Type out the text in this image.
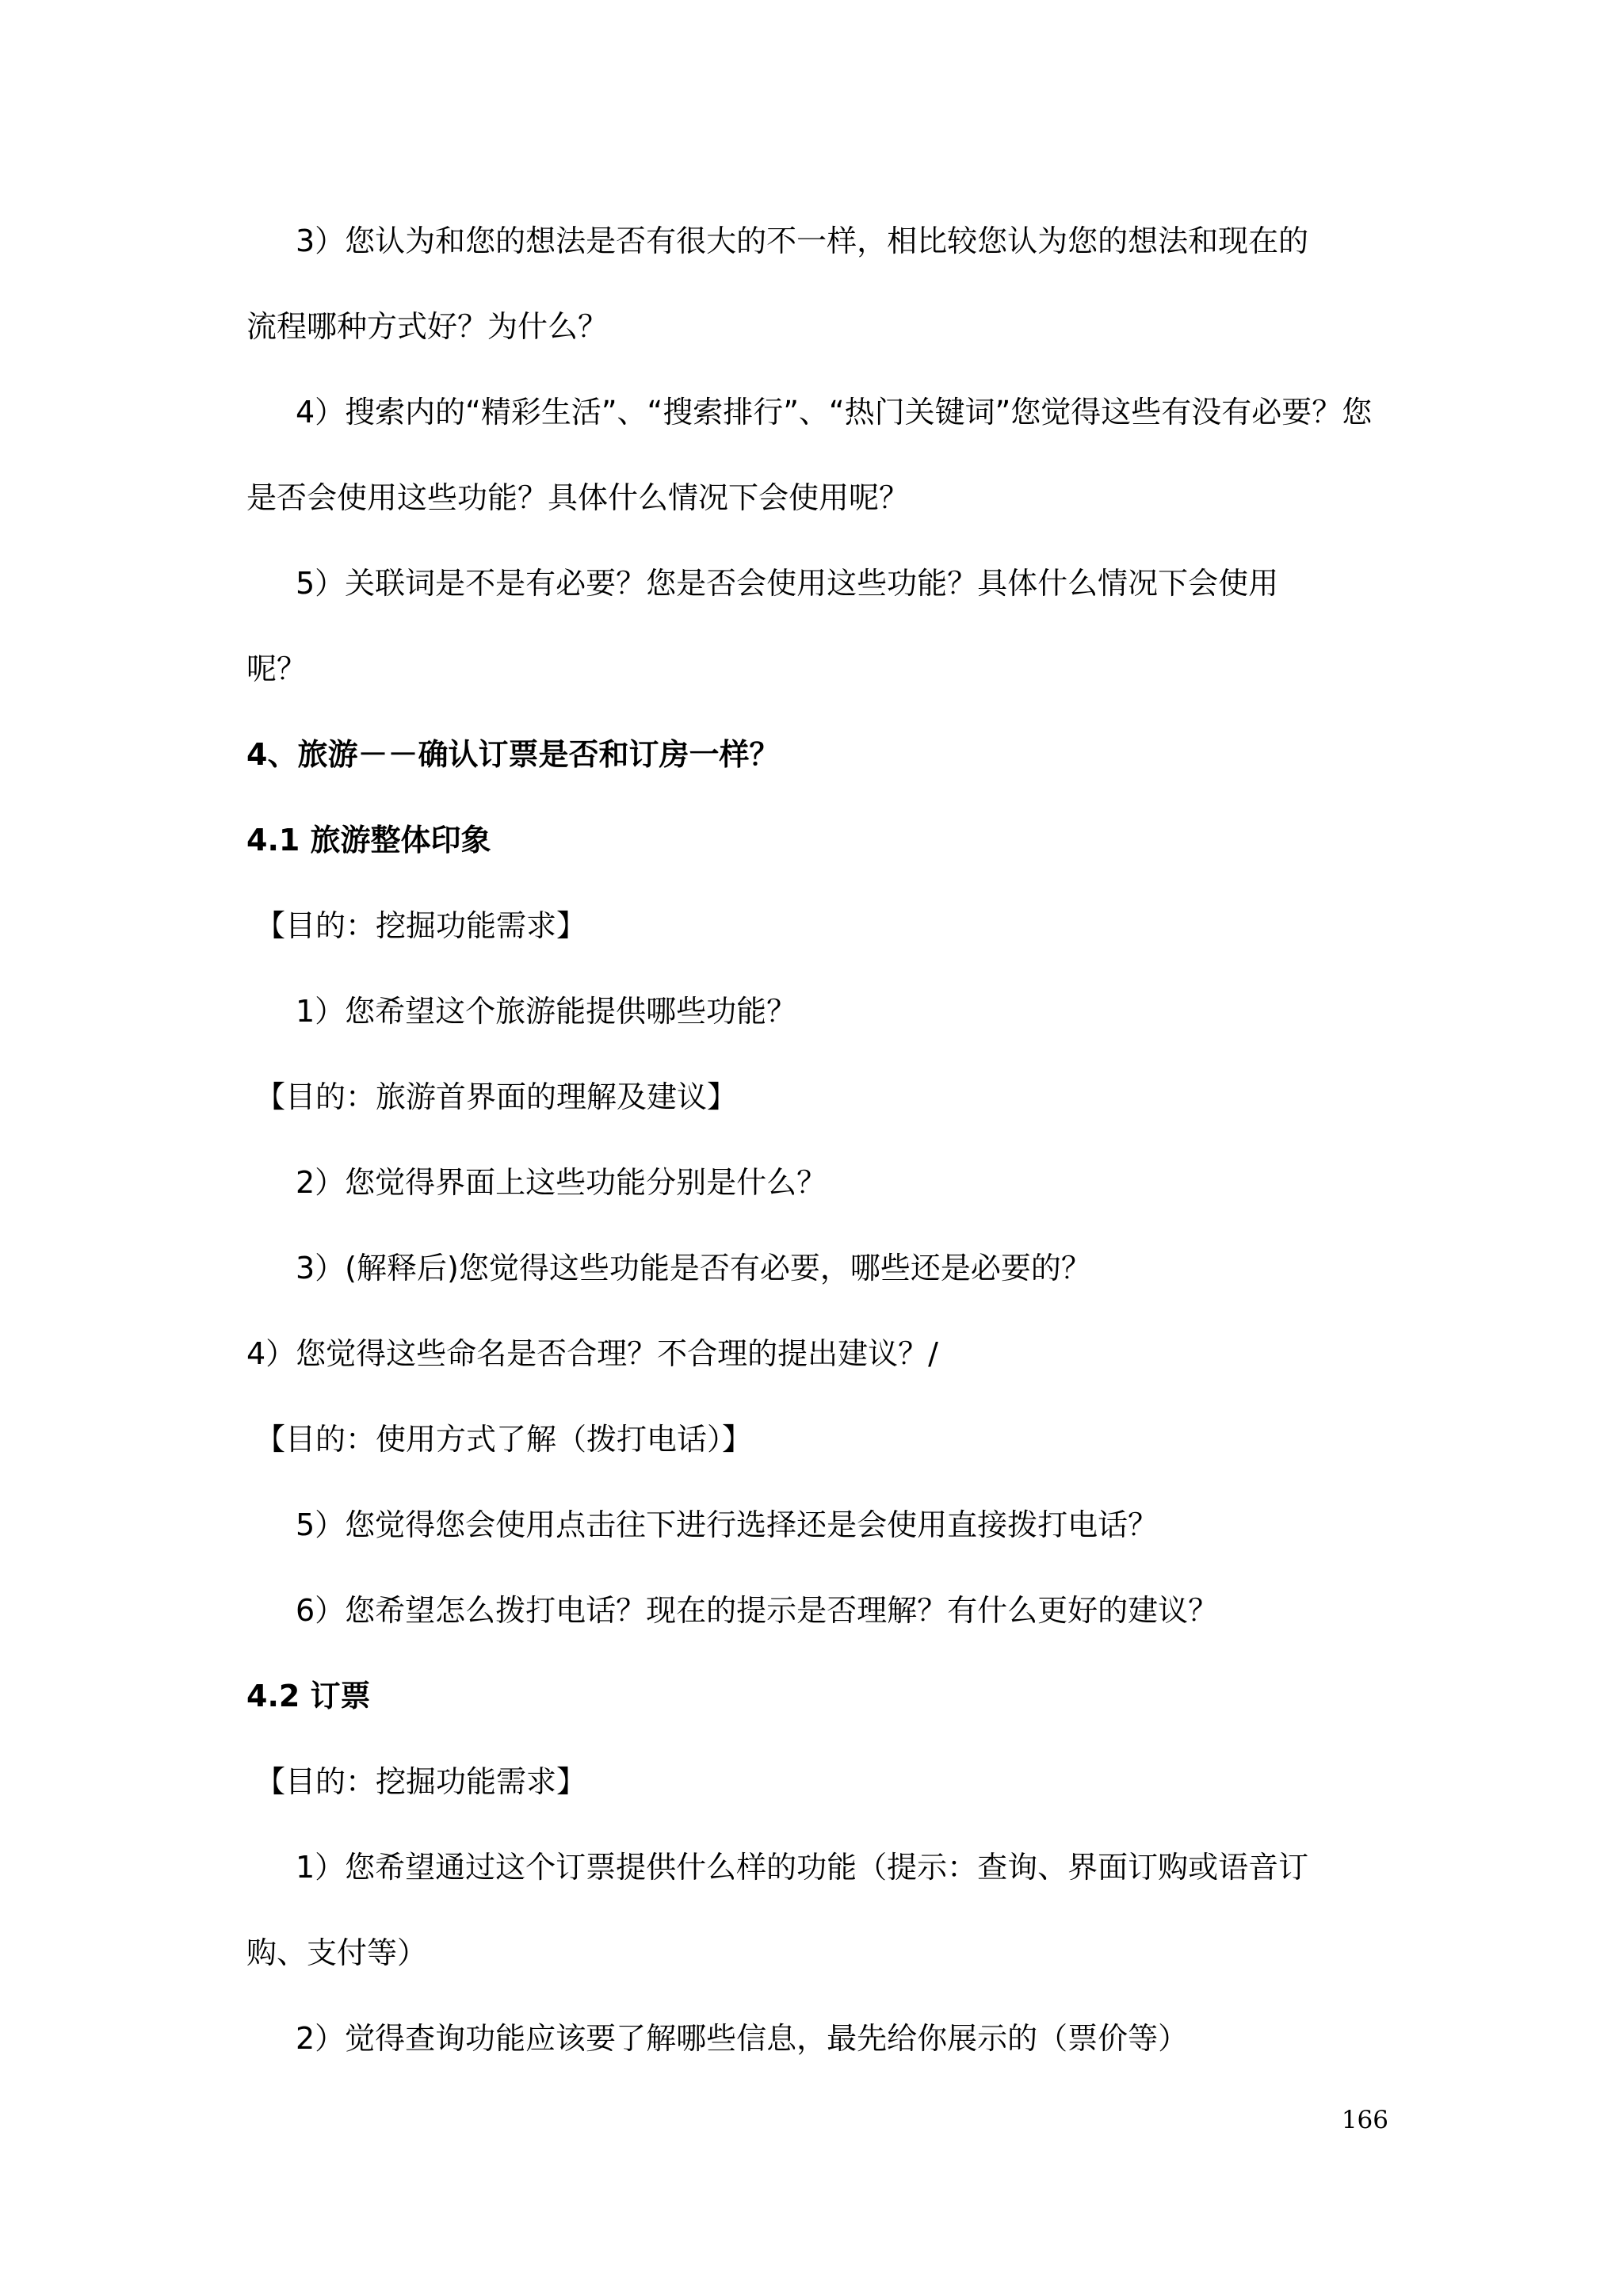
3）您认为和您的想法是否有很大的不一样，相比较您认为您的想法和现在的
流程哪种方式好？为什么？
4）搜索内的“精彩生活”、“搜索排行”、“热门关键词”您觉得这些有没有必要？您
是否会使用这些功能？具体什么情况下会使用呢？
5）关联词是不是有必要？您是否会使用这些功能？具体什么情况下会使用
呢？
4、旅游－－确认订票是否和订房一样？
4.1 旅游整体印象
【目的：挖掘功能需求】
1）您希望这个旅游能提供哪些功能？
【目的：旅游首界面的理解及建议】
2）您觉得界面上这些功能分别是什么？
3）(解释后)您觉得这些功能是否有必要，哪些还是必要的？
4）您觉得这些命名是否合理？不合理的提出建议？/
【目的：使用方式了解（拨打电话）】
5）您觉得您会使用点击往下进行选择还是会使用直接拨打电话？
6）您希望怎么拨打电话？现在的提示是否理解？有什么更好的建议？
4.2 订票
【目的：挖掘功能需求】
1）您希望通过这个订票提供什么样的功能（提示：查询、界面订购或语音订
购、支付等）
2）觉得查询功能应该要了解哪些信息，最先给你展示的（票价等）
166
